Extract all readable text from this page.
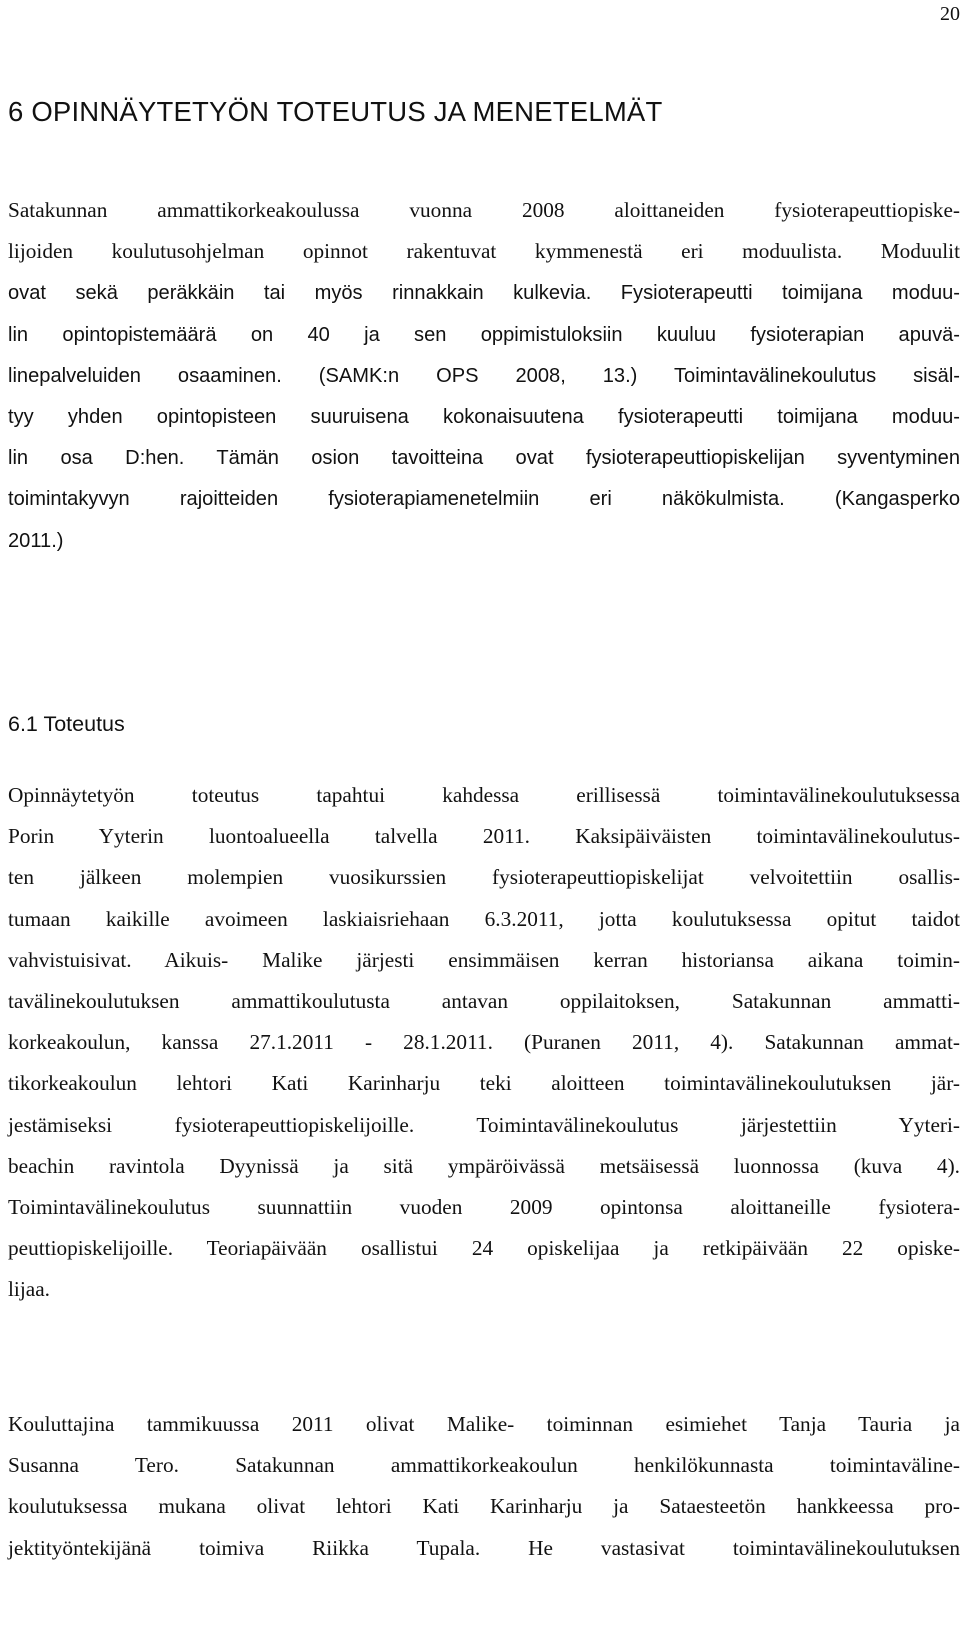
20
6 OPINNÄYTETYÖN TOTEUTUS JA MENETELMÄT
Satakunnan ammattikorkeakoulussa vuonna 2008 aloittaneiden fysioterapeuttiopiske-
lijoiden koulutusohjelman opinnot rakentuvat kymmenestä eri moduulista. Moduulit
ovat sekä peräkkäin tai myös rinnakkain kulkevia. Fysioterapeutti toimijana moduu-
lin opintopistemäärä on 40 ja sen oppimistuloksiin kuuluu fysioterapian apuvä-
linepalveluiden osaaminen. (SAMK:n OPS 2008, 13.) Toimintavälinekoulutus sisäl-
tyy yhden opintopisteen suuruisena kokonaisuutena fysioterapeutti toimijana moduu-
lin osa D:hen. Tämän osion tavoitteina ovat fysioterapeuttiopiskelijan syventyminen
toimintakyvyn rajoitteiden fysioterapiamenetelmiin eri näkökulmista. (Kangasperko
2011.)
6.1 Toteutus
Opinnäytetyön toteutus tapahtui kahdessa erillisessä toimintavälinekoulutuksessa
Porin Yyterin luontoalueella talvella 2011. Kaksipäiväisten toimintavälinekoulutus-
ten jälkeen molempien vuosikurssien fysioterapeuttiopiskelijat velvoitettiin osallis-
tumaan kaikille avoimeen laskiaisriehaan 6.3.2011, jotta koulutuksessa opitut taidot
vahvistuisivat. Aikuis- Malike järjesti ensimmäisen kerran historiansa aikana toimin-
tavälinekoulutuksen ammattikoulutusta antavan oppilaitoksen, Satakunnan ammatti-
korkeakoulun, kanssa 27.1.2011 - 28.1.2011. (Puranen 2011, 4). Satakunnan ammat-
tikorkeakoulun lehtori Kati Karinharju teki aloitteen toimintavälinekoulutuksen jär-
jestämiseksi fysioterapeuttiopiskelijoille. Toimintavälinekoulutus järjestettiin Yyteri-
beachin ravintola Dyynissä ja sitä ympäröivässä metsäisessä luonnossa (kuva 4).
Toimintavälinekoulutus suunnattiin vuoden 2009 opintonsa aloittaneille fysiotera-
peuttiopiskelijoille. Teoriapäivään osallistui 24 opiskelijaa ja retkipäivään 22 opiske-
lijaa.
Kouluttajina tammikuussa 2011 olivat Malike- toiminnan esimiehet Tanja Tauria ja
Susanna Tero. Satakunnan ammattikorkeakoulun henkilökunnasta toimintaväline-
koulutuksessa mukana olivat lehtori Kati Karinharju ja Sataesteetön hankkeessa pro-
jektityöntekijänä toimiva Riikka Tupala. He vastasivat toimintavälinekoulutuksen
